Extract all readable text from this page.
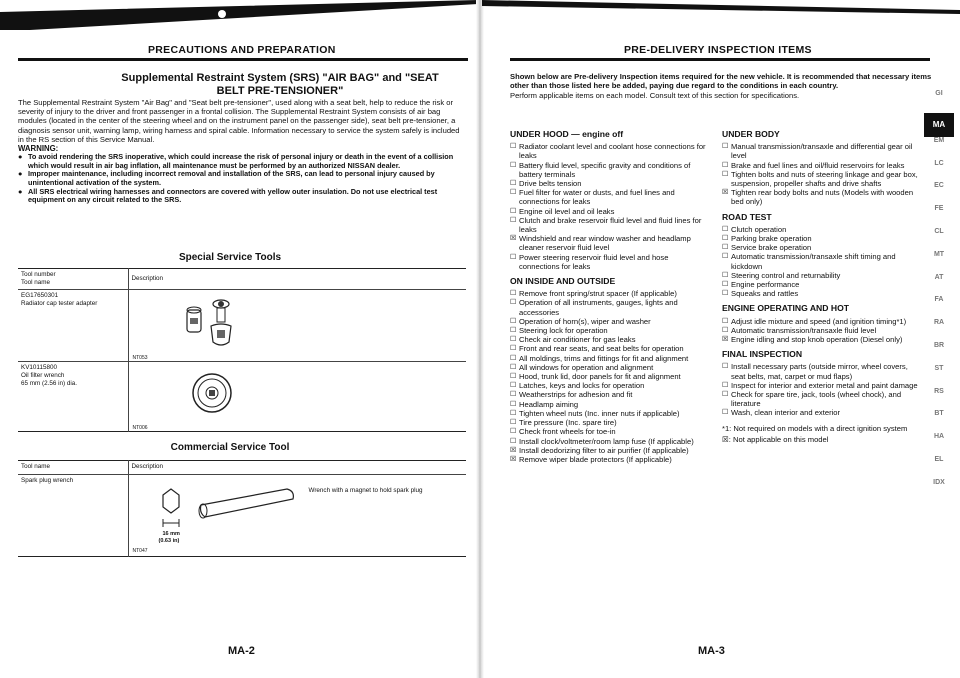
PRECAUTIONS AND PREPARATION
Supplemental Restraint System (SRS) "AIR BAG" and "SEAT BELT PRE-TENSIONER"

The Supplemental Restraint System "Air Bag" and "Seat belt pre-tensioner", used along with a seat belt, help to reduce the risk or severity of injury to the driver and front passenger in a frontal collision. The Supplemental Restraint System consists of air bag modules (located in the center of the steering wheel and on the instrument panel on the passenger side), seat belt pre-tensioner, a diagnosis sensor unit, warning lamp, wiring harness and spiral cable. Information necessary to service the system safely is included in the RS section of this Service Manual.

WARNING:
● To avoid rendering the SRS inoperative, which could increase the risk of personal injury or death in the event of a collision which would result in air bag inflation, all maintenance must be performed by an authorized NISSAN dealer.
● Improper maintenance, including incorrect removal and installation of the SRS, can lead to personal injury caused by unintentional activation of the system.
● All SRS electrical wiring harnesses and connectors are covered with yellow outer insulation. Do not use electrical test equipment on any circuit related to the SRS.
Special Service Tools
Tool number
Tool name	Description

EG17650301
Radiator cap tester adapter	NT053

KV10115800
Oil filter wrench
65 mm (2.56 in) dia.	NT006
Commercial Service Tool
Tool name	Description
Spark plug wrench	Wrench with a magnet to hold spark plug
16 mm
(0.63 in)
NT047
MA-2
PRE-DELIVERY INSPECTION ITEMS
Shown below are Pre-delivery Inspection items required for the new vehicle. It is recommended that necessary items other than those listed here be added, paying due regard to the conditions in each country.
Perform applicable items on each model. Consult text of this section for specifications.
UNDER HOOD — engine off
☐ Radiator coolant level and coolant hose connections for leaks
☐ Battery fluid level, specific gravity and conditions of battery terminals
☐ Drive belts tension
☐ Fuel filter for water or dusts, and fuel lines and connections for leaks
☐ Engine oil level and oil leaks
☐ Clutch and brake reservoir fluid level and fluid lines for leaks
☒ Windshield and rear window washer and headlamp cleaner reservoir fluid level
☐ Power steering reservoir fluid level and hose connections for leaks
ON INSIDE AND OUTSIDE
☐ Remove front spring/strut spacer (If applicable)
☐ Operation of all instruments, gauges, lights and accessories
☐ Operation of horn(s), wiper and washer
☐ Steering lock for operation
☐ Check air conditioner for gas leaks
☐ Front and rear seats, and seat belts for operation
☐ All moldings, trims and fittings for fit and alignment
☐ All windows for operation and alignment
☐ Hood, trunk lid, door panels for fit and alignment
☐ Latches, keys and locks for operation
☐ Weatherstrips for adhesion and fit
☐ Headlamp aiming
☐ Tighten wheel nuts (Inc. inner nuts if applicable)
☐ Tire pressure (Inc. spare tire)
☐ Check front wheels for toe-in
☐ Install clock/voltmeter/room lamp fuse (If applicable)
☒ Install deodorizing filter to air purifier (If applicable)
☒ Remove wiper blade protectors (If applicable)
UNDER BODY
☐ Manual transmission/transaxle and differential gear oil level
☐ Brake and fuel lines and oil/fluid reservoirs for leaks
☐ Tighten bolts and nuts of steering linkage and gear box, suspension, propeller shafts and drive shafts
☒ Tighten rear body bolts and nuts (Models with wooden bed only)
ROAD TEST
☐ Clutch operation
☐ Parking brake operation
☐ Service brake operation
☐ Automatic transmission/transaxle shift timing and kickdown
☐ Steering control and returnability
☐ Engine performance
☐ Squeaks and rattles
ENGINE OPERATING AND HOT
☐ Adjust idle mixture and speed (and ignition timing*1)
☐ Automatic transmission/transaxle fluid level
☒ Engine idling and stop knob operation (Diesel only)
FINAL INSPECTION
☐ Install necessary parts (outside mirror, wheel covers, seat belts, mat, carpet or mud flaps)
☐ Inspect for interior and exterior metal and paint damage
☐ Check for spare tire, jack, tools (wheel chock), and literature
☐ Wash, clean interior and exterior
*1: Not required on models with a direct ignition system
☒: Not applicable on this model
GI
MA
EM
LC
EC
FE
CL
MT
AT
FA
RA
BR
ST
RS
BT
HA
EL
IDX
MA-3
